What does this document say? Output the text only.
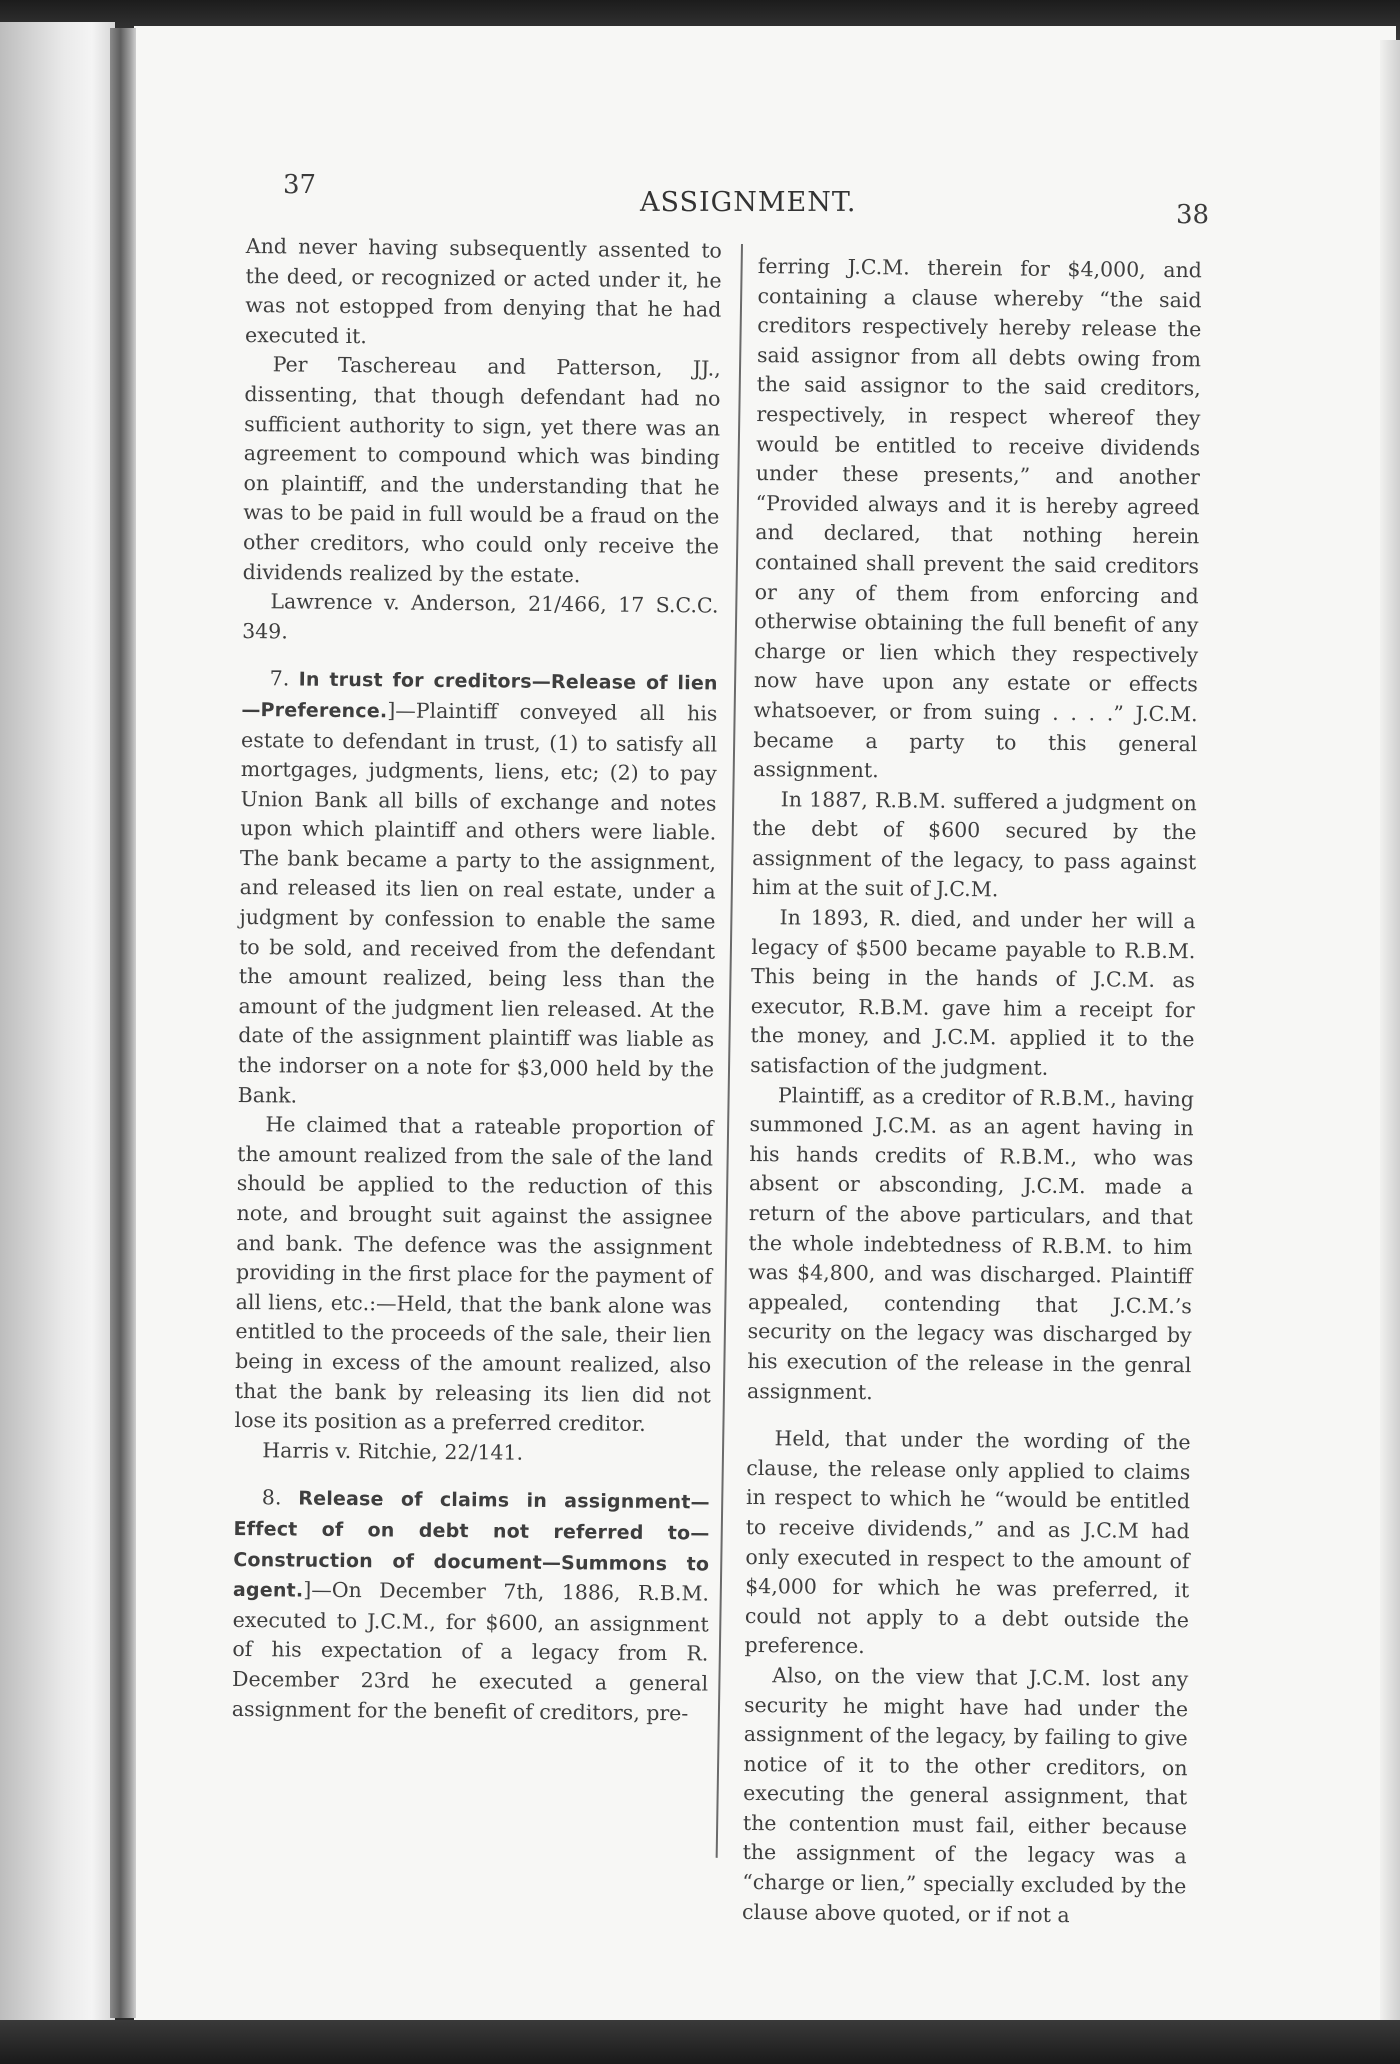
37
ASSIGNMENT.	38

And never having subsequently assented to the deed, or recognized or acted under it, he was not estopped from denying that he had executed it.

Per Taschereau and Patterson, JJ., dissenting, that though defendant had no sufficient authority to sign, yet there was an agreement to compound which was binding on plaintiff, and the understanding that he was to be paid in full would be a fraud on the other creditors, who could only receive the dividends realized by the estate.

Lawrence v. Anderson, 21/466, 17 S.C.C. 349.

7. In trust for creditors—Release of lien—Preference.]—Plaintiff conveyed all his estate to defendant in trust, (1) to satisfy all mortgages, judgments, liens, etc; (2) to pay Union Bank all bills of exchange and notes upon which plaintiff and others were liable. The bank became a party to the assignment, and released its lien on real estate, under a judgment by confession to enable the same to be sold, and received from the defendant the amount realized, being less than the amount of the judgment lien released. At the date of the assignment plaintiff was liable as the indorser on a note for $3,000 held by the Bank.

He claimed that a rateable proportion of the amount realized from the sale of the land should be applied to the reduction of this note, and brought suit against the assignee and bank. The defence was the assignment providing in the first place for the payment of all liens, etc.:—Held, that the bank alone was entitled to the proceeds of the sale, their lien being in excess of the amount realized, also that the bank by releasing its lien did not lose its position as a preferred creditor.

Harris v. Ritchie, 22/141.

8. Release of claims in assignment—Effect of on debt not referred to—Construction of document—Summons to agent.]—On December 7th, 1886, R.B.M. executed to J.C.M., for $600, an assignment of his expectation of a legacy from R. December 23rd he executed a general assignment for the benefit of creditors, pre-

ferring J.C.M. therein for $4,000, and containing a clause whereby “the said creditors respectively hereby release the said assignor from all debts owing from the said assignor to the said creditors, respectively, in respect whereof they would be entitled to receive dividends under these presents,” and another “Provided always and it is hereby agreed and declared, that nothing herein contained shall prevent the said creditors or any of them from enforcing and otherwise obtaining the full benefit of any charge or lien which they respectively now have upon any estate or effects whatsoever, or from suing . . . .” J.C.M. became a party to this general assignment.

In 1887, R.B.M. suffered a judgment on the debt of $600 secured by the assignment of the legacy, to pass against him at the suit of J.C.M.

In 1893, R. died, and under her will a legacy of $500 became payable to R.B.M. This being in the hands of J.C.M. as executor, R.B.M. gave him a receipt for the money, and J.C.M. applied it to the satisfaction of the judgment.

Plaintiff, as a creditor of R.B.M., having summoned J.C.M. as an agent having in his hands credits of R.B.M., who was absent or absconding, J.C.M. made a return of the above particulars, and that the whole indebtedness of R.B.M. to him was $4,800, and was discharged. Plaintiff appealed, contending that J.C.M.’s security on the legacy was discharged by his execution of the release in the genral assignment.

Held, that under the wording of the clause, the release only applied to claims in respect to which he “would be entitled to receive dividends,” and as J.C.M had only executed in respect to the amount of $4,000 for which he was preferred, it could not apply to a debt outside the preference.

Also, on the view that J.C.M. lost any security he might have had under the assignment of the legacy, by failing to give notice of it to the other creditors, on executing the general assignment, that the contention must fail, either because the assignment of the legacy was a “charge or lien,” specially excluded by the clause above quoted, or if not a
